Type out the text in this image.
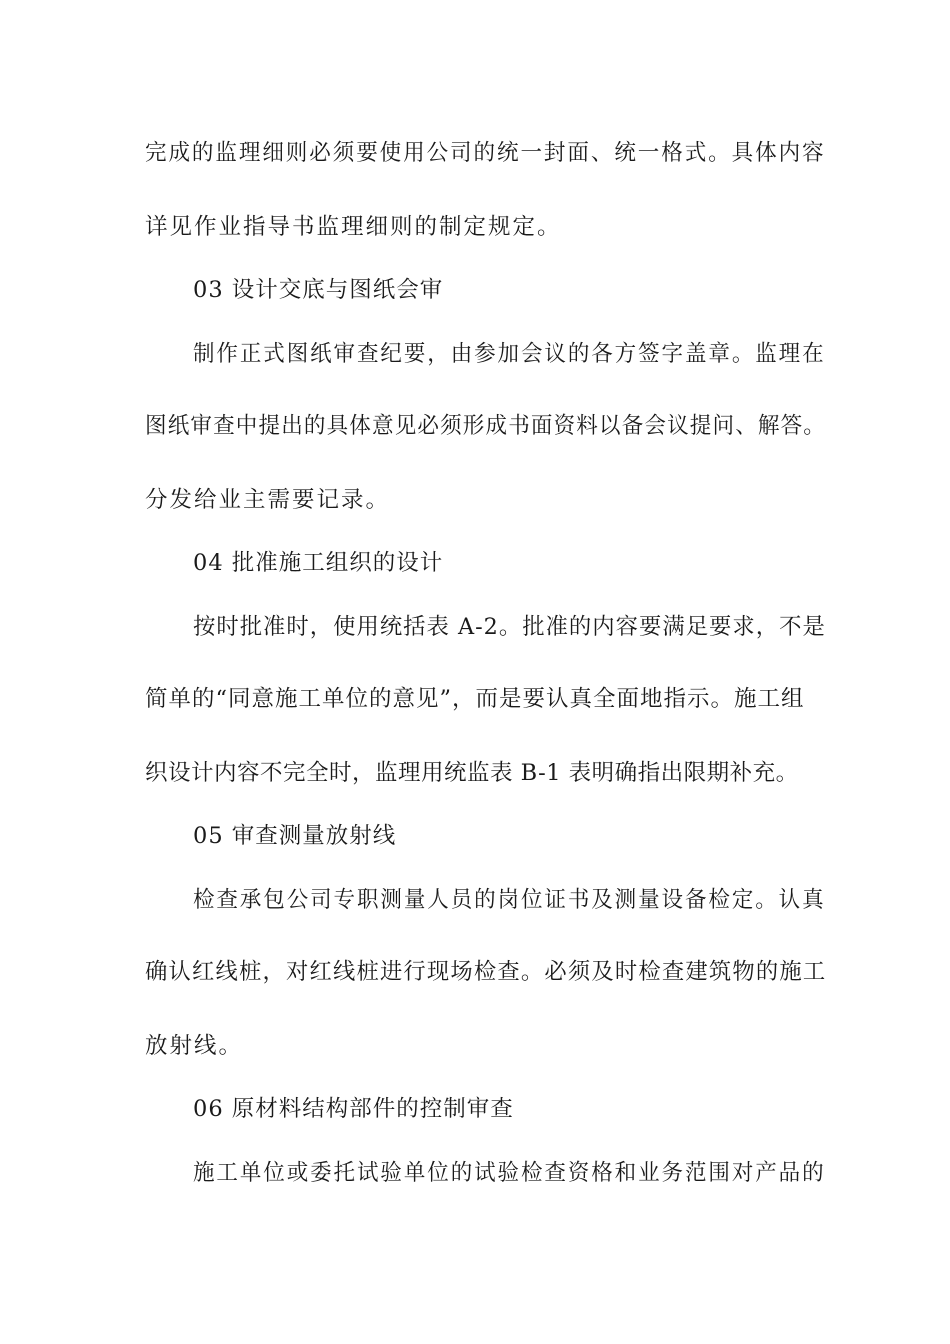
完成的监理细则必须要使用公司的统一封面、统一格式。具体内容
详见作业指导书监理细则的制定规定。
03 设计交底与图纸会审
制作正式图纸审查纪要，由参加会议的各方签字盖章。监理在
图纸审查中提出的具体意见必须形成书面资料以备会议提问、解答。
分发给业主需要记录。
04 批准施工组织的设计
按时批准时，使用统括表 A-2。批准的内容要满足要求，不是
简单的“同意施工单位的意见”，而是要认真全面地指示。施工组
织设计内容不完全时，监理用统监表 B-1 表明确指出限期补充。
05 审查测量放射线
检查承包公司专职测量人员的岗位证书及测量设备检定。认真
确认红线桩，对红线桩进行现场检查。必须及时检查建筑物的施工
放射线。
06 原材料结构部件的控制审查
施工单位或委托试验单位的试验检查资格和业务范围对产品的
